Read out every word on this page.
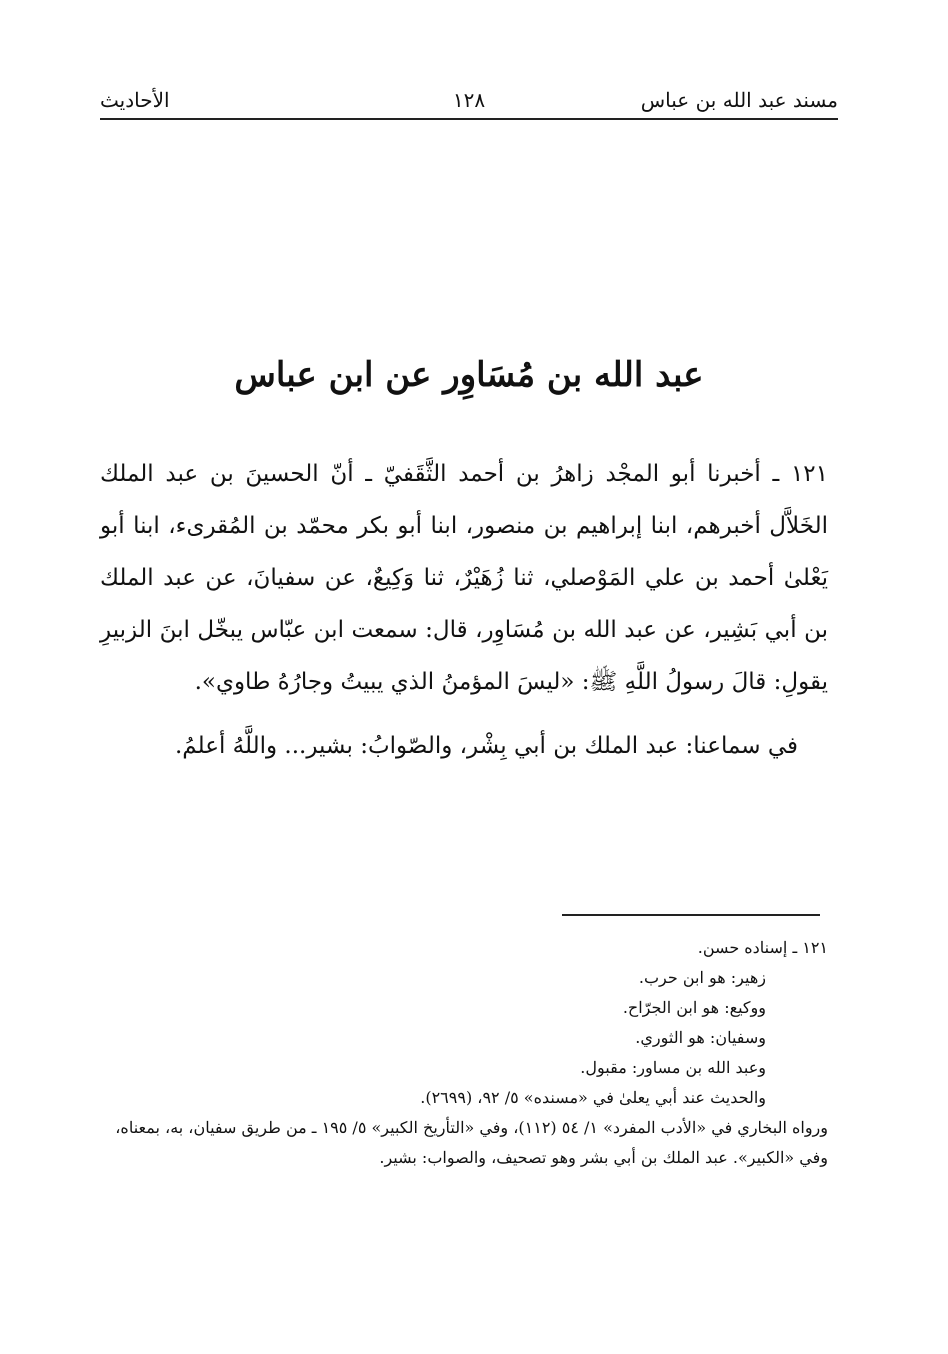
مسند عبد الله بن عباس
١٢٨
الأحاديث
عبد الله بن مُسَاوِر عن ابن عباس

١٢١ ـ أخبرنا أبو المجْد زاهرُ بن أحمد الثَّقَفيّ ـ أنّ الحسينَ بن عبد الملك الخَلاَّل أخبرهم، ابنا إبراهيم بن منصور، ابنا أبو بكر محمّد بن المُقرىء، ابنا أبو يَعْلىٰ أحمد بن علي المَوْصلي، ثنا زُهَيْرٌ، ثنا وَكِيعٌ، عن سفيانَ، عن عبد الملك بن أبي بَشِير، عن عبد الله بن مُسَاوِر، قال: سمعت ابن عبّاس يبخّل ابنَ الزبيرِ يقولِ: قالَ رسولُ اللَّهِ ﷺ: «ليسَ المؤمنُ الذي يبيتُ وجارُهُ طاوي».

في سماعنا: عبد الملك بن أبي بِشْر، والصّوابُ: بشير... واللَّهُ أعلمُ.

١٢١ ـ إسناده حسن.

زهير: هو ابن حرب.

ووكيع: هو ابن الجرّاح.

وسفيان: هو الثوري.

وعبد الله بن مساور: مقبول.

والحديث عند أبي يعلىٰ في «مسنده» ٥/ ٩٢، (٢٦٩٩).

ورواه البخاري في «الأدب المفرد» ١/ ٥٤ (١١٢)، وفي «التأريخ الكبير» ٥/ ١٩٥ ـ من طريق سفيان، به، بمعناه، وفي «الكبير». عبد الملك بن أبي بشر وهو تصحيف، والصواب: بشير.
